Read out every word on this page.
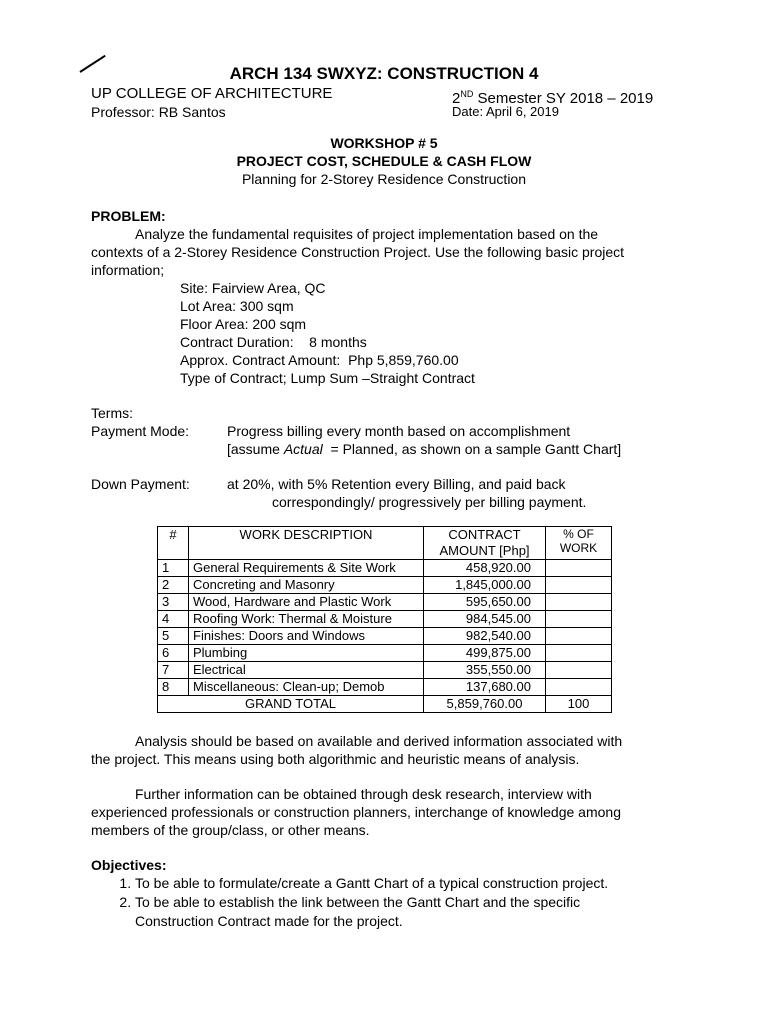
ARCH 134 SWXYZ: CONSTRUCTION 4
UP COLLEGE OF ARCHITECTURE	2ND Semester SY 2018 – 2019
Professor: RB Santos	Date: April 6, 2019
WORKSHOP # 5
PROJECT COST, SCHEDULE & CASH FLOW
Planning for 2-Storey Residence Construction
PROBLEM:
Analyze the fundamental requisites of project implementation based on the
contexts of a 2-Storey Residence Construction Project. Use the following basic project
information;
Site: Fairview Area, QC
Lot Area: 300 sqm
Floor Area: 200 sqm
Contract Duration:    8 months
Approx. Contract Amount:  Php 5,859,760.00
Type of Contract; Lump Sum –Straight Contract
Terms:
Payment Mode:	Progress billing every month based on accomplishment
[assume Actual  = Planned, as shown on a sample Gantt Chart]
Down Payment:	at 20%, with 5% Retention every Billing, and paid back
correspondingly/ progressively per billing payment.
#	WORK DESCRIPTION	CONTRACT AMOUNT [Php]	% OF WORK
1	General Requirements & Site Work	458,920.00	
2	Concreting and Masonry	1,845,000.00	
3	Wood, Hardware and Plastic Work	595,650.00	
4	Roofing Work: Thermal & Moisture	984,545.00	
5	Finishes: Doors and Windows	982,540.00	
6	Plumbing	499,875.00	
7	Electrical	355,550.00	
8	Miscellaneous: Clean-up; Demob	137,680.00	
GRAND TOTAL		5,859,760.00	100
Analysis should be based on available and derived information associated with
the project. This means using both algorithmic and heuristic means of analysis.
Further information can be obtained through desk research, interview with
experienced professionals or construction planners, interchange of knowledge among
members of the group/class, or other means.
Objectives:
1. To be able to formulate/create a Gantt Chart of a typical construction project.
2. To be able to establish the link between the Gantt Chart and the specific Construction Contract made for the project.
